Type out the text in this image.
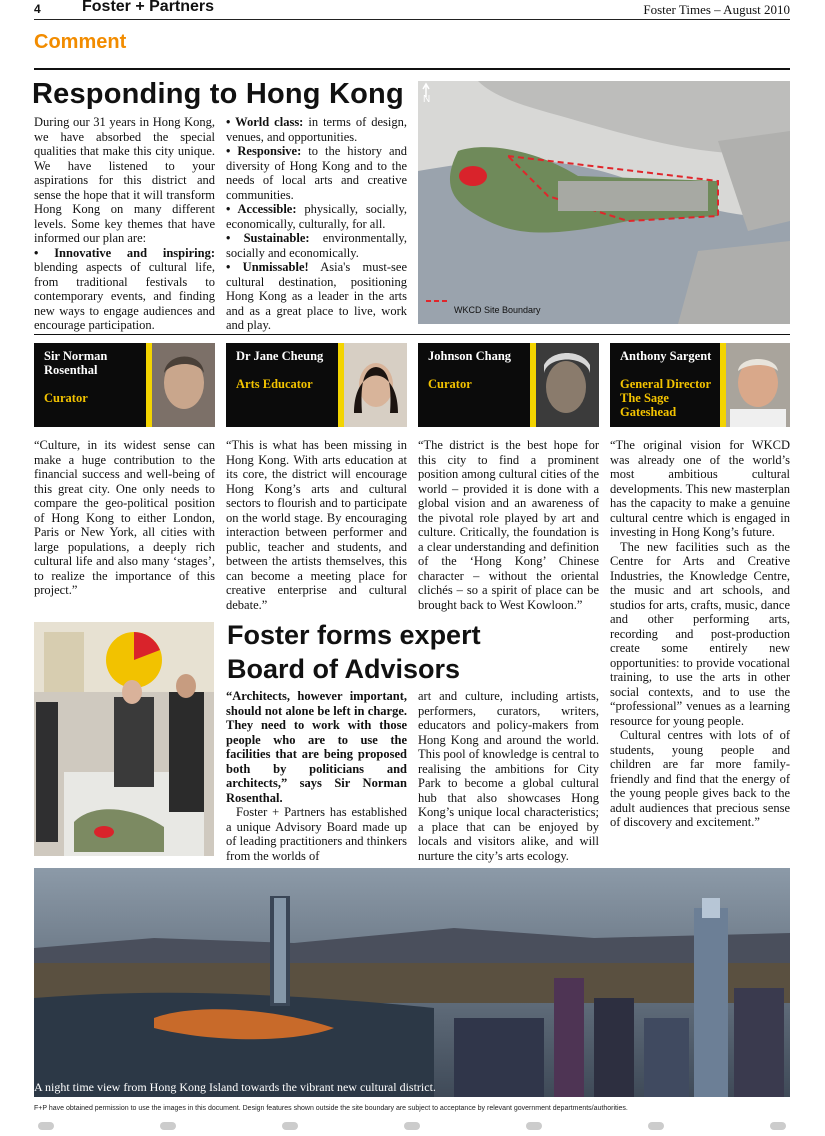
4	Foster + Partners	Foster Times – August 2010
Comment
Responding to Hong Kong

During our 31 years in Hong Kong, we have absorbed the special qualities that make this city unique. We have listened to your aspirations for this district and sense the hope that it will transform Hong Kong on many different levels. Some key themes that have informed our plan are:

• Innovative and inspiring: blending aspects of cultural life, from traditional festivals to contemporary events, and finding new ways to engage audiences and encourage participation.

• World class: in terms of design, venues, and opportunities.

• Responsive: to the history and diversity of Hong Kong and to the needs of local arts and creative communities.

• Accessible: physically, socially, economically, culturally, for all.

• Sustainable: environmentally, socially and economically.

• Unmissable! Asia's must-see cultural destination, positioning Hong Kong as a leader in the arts and as a great place to live, work and play.

N
WKCD Site Boundary
Sir Norman Rosenthal
Curator
Dr Jane Cheung
Arts Educator
Johnson Chang
Curator
Anthony Sargent
General Director The Sage Gateshead
“Culture, in its widest sense can make a huge contribution to the financial success and well-being of this great city. One only needs to compare the geo-political position of Hong Kong to either London, Paris or New York, all cities with large populations, a deeply rich cultural life and also many ‘stages’, to realize the importance of this project.”
“This is what has been missing in Hong Kong. With arts education at its core, the district will encourage Hong Kong’s arts and cultural sectors to flourish and to participate on the world stage. By encouraging interaction between performer and public, teacher and students, and between the artists themselves, this can become a meeting place for creative enterprise and cultural debate.”
“The district is the best hope for this city to find a prominent position among cultural cities of the world – provided it is done with a global vision and an awareness of the pivotal role played by art and culture. Critically, the foundation is a clear understanding and definition of the ‘Hong Kong’ Chinese character – without the oriental clichés – so a spirit of place can be brought back to West Kowloon.”

“The original vision for WKCD was already one of the world’s most ambitious cultural developments. This new masterplan has the capacity to make a genuine cultural centre which is engaged in investing in Hong Kong’s future.

The new facilities such as the Centre for Arts and Creative Industries, the Knowledge Centre, the music and art schools, and studios for arts, crafts, music, dance and other performing arts, recording and post-production create some entirely new opportunities: to provide vocational training, to use the arts in other social contexts, and to use the “professional” venues as a learning resource for young people.

Cultural centres with lots of of students, young people and children are far more family-friendly and find that the energy of the young people gives back to the adult audiences that precious sense of discovery and excitement.”

Foster forms expert Board of Advisors

“Architects, however important, should not alone be left in charge. They need to work with those people who are to use the facilities that are being proposed both by politicians and architects,” says Sir Norman Rosenthal.

Foster + Partners has established a unique Advisory Board made up of leading practitioners and thinkers from the worlds of

art and culture, including artists, performers, curators, writers, educators and policy-makers from Hong Kong and around the world. This pool of knowledge is central to realising the ambitions for City Park to become a global cultural hub that also showcases Hong Kong’s unique local characteristics; a place that can be enjoyed by locals and visitors alike, and will nurture the city’s arts ecology.

A night time view from Hong Kong Island towards the vibrant new cultural district.
F+P have obtained permission to use the images in this document. Design features shown outside the site boundary are subject to acceptance by relevant government departments/authorities.
